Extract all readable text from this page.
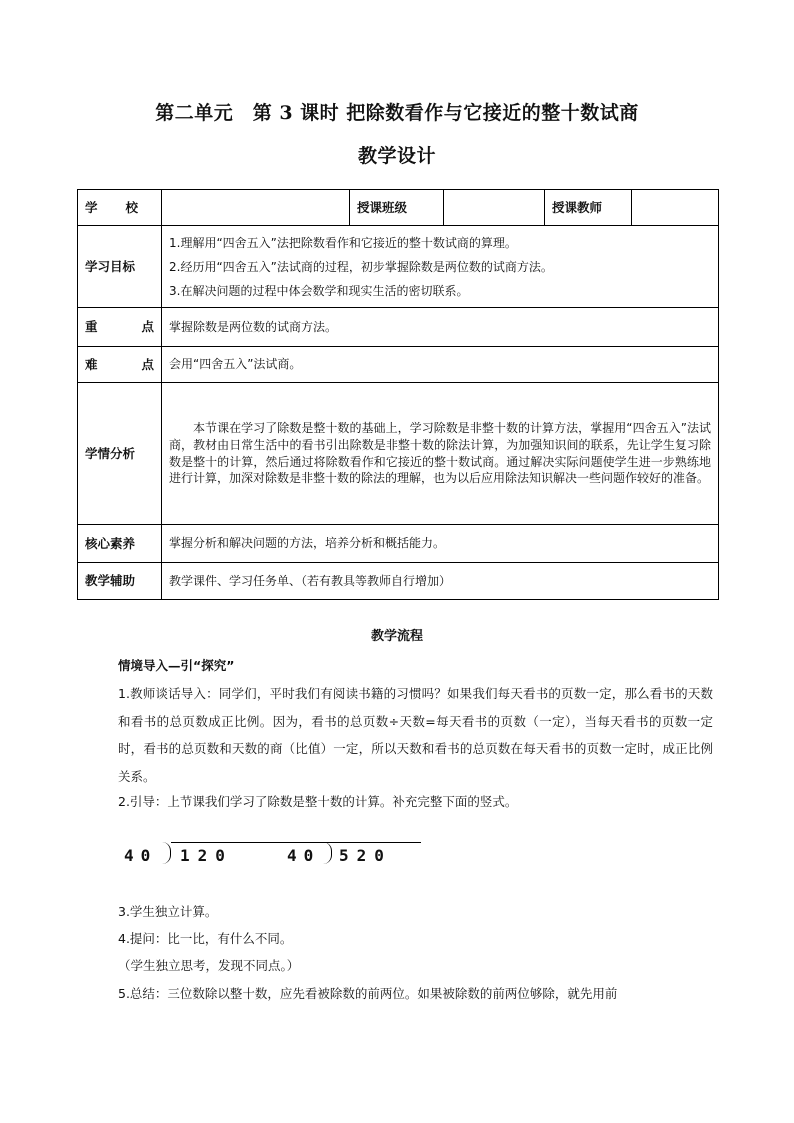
第二单元　第 3 课时 把除数看作与它接近的整十数试商
教学设计
学　　校		授课班级		授课教师	
学习目标	1.理解用“四舍五入”法把除数看作和它接近的整十数试商的算理。
2.经历用“四舍五入”法试商的过程，初步掌握除数是两位数的试商方法。
3.在解决问题的过程中体会数学和现实生活的密切联系。				

重 点	掌握除数是两位数的试商方法。				

难 点	会用“四舍五入”法试商。				
学情分析	本节课在学习了除数是整十数的基础上，学习除数是非整十数的计算方法，掌握用“四舍五入”法试商，教材由日常生活中的看书引出除数是非整十数的除法计算，为加强知识间的联系，先让学生复习除数是整十的计算，然后通过将除数看作和它接近的整十数试商。通过解决实际问题使学生进一步熟练地进行计算，加深对除数是非整十数的除法的理解，也为以后应用除法知识解决一些问题作较好的准备。				
核心素养	掌握分析和解决问题的方法，培养分析和概括能力。				
教学辅助	教学课件、学习任务单、（若有教具等教师自行增加）				
教学流程
情境导入—引“探究”
1.教师谈话导入：同学们，平时我们有阅读书籍的习惯吗？如果我们每天看书的页数一定，那么看书的天数和看书的总页数成正比例。因为，看书的总页数÷天数=每天看书的页数（一定），当每天看书的页数一定时，看书的总页数和天数的商（比值）一定，所以天数和看书的总页数在每天看书的页数一定时，成正比例关系。
2.引导：上节课我们学习了除数是整十数的计算。补充完整下面的竖式。
40 120	40 520
3.学生独立计算。
4.提问：比一比，有什么不同。
（学生独立思考，发现不同点。）
5.总结：三位数除以整十数，应先看被除数的前两位。如果被除数的前两位够除，就先用前
